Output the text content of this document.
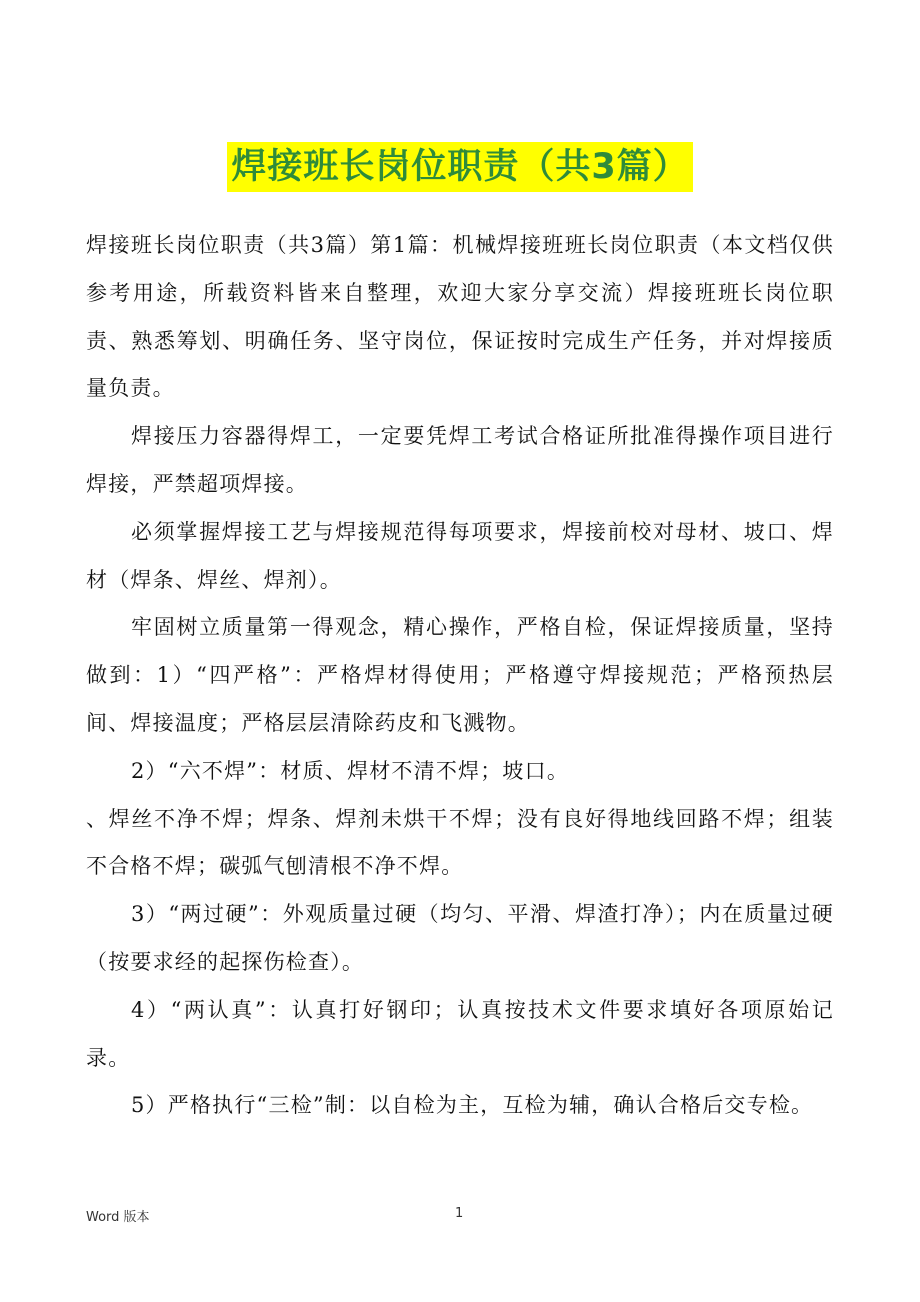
焊接班长岗位职责（共3篇）

焊接班长岗位职责（共3篇）第1篇：机械焊接班班长岗位职责（本文档仅供参考用途，所载资料皆来自整理，欢迎大家分享交流）焊接班班长岗位职责、熟悉筹划、明确任务、坚守岗位，保证按时完成生产任务，并对焊接质量负责。

焊接压力容器得焊工，一定要凭焊工考试合格证所批准得操作项目进行焊接，严禁超项焊接。

必须掌握焊接工艺与焊接规范得每项要求，焊接前校对母材、坡口、焊材（焊条、焊丝、焊剂）。

牢固树立质量第一得观念，精心操作，严格自检，保证焊接质量，坚持做到：1）“四严格”：严格焊材得使用；严格遵守焊接规范；严格预热层间、焊接温度；严格层层清除药皮和飞溅物。

2）“六不焊”：材质、焊材不清不焊；坡口。

、焊丝不净不焊；焊条、焊剂未烘干不焊；没有良好得地线回路不焊；组装不合格不焊；碳弧气刨清根不净不焊。

3）“两过硬”：外观质量过硬（均匀、平滑、焊渣打净）；内在质量过硬（按要求经的起探伤检查）。

4）“两认真”：认真打好钢印；认真按技术文件要求填好各项原始记录。

5）严格执行“三检”制：以自检为主，互检为辅，确认合格后交专检。

Word 版本	1
